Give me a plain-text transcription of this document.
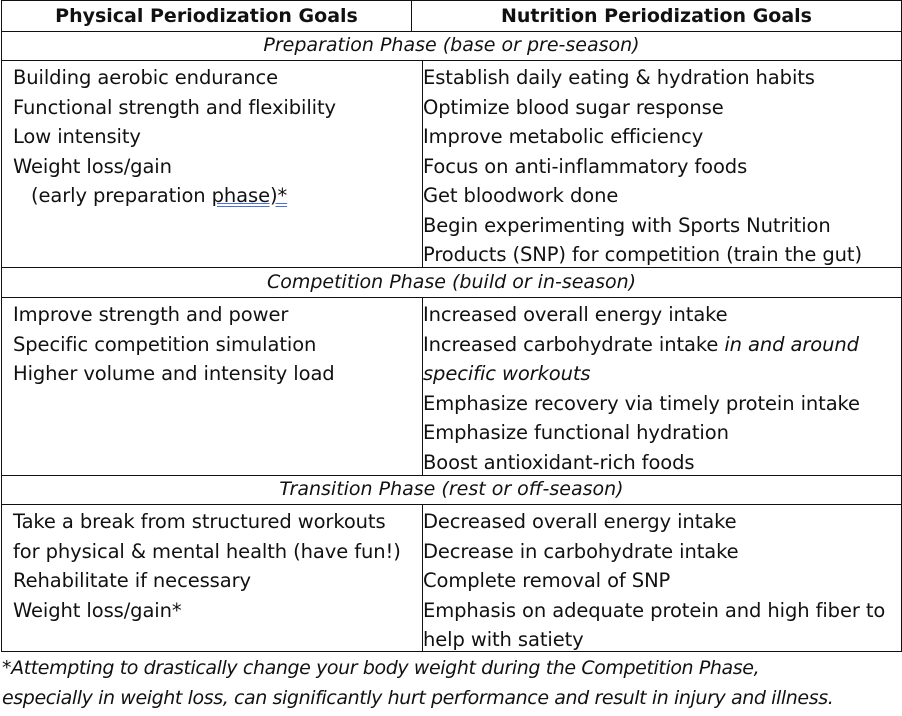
Physical Periodization Goals	Nutrition Periodization Goals
Preparation Phase (base or pre-season)
Building aerobic endurance
Functional strength and flexibility
Low intensity
Weight loss/gain
(early preparation phase)*
Establish daily eating & hydration habits
Optimize blood sugar response
Improve metabolic efficiency
Focus on anti-inflammatory foods
Get bloodwork done
Begin experimenting with Sports Nutrition
Products (SNP) for competition (train the gut)
Competition Phase (build or in-season)
Improve strength and power
Specific competition simulation
Higher volume and intensity load
Increased overall energy intake
Increased carbohydrate intake in and around
specific workouts
Emphasize recovery via timely protein intake
Emphasize functional hydration
Boost antioxidant-rich foods
Transition Phase (rest or off-season)
Take a break from structured workouts
for physical & mental health (have fun!)
Rehabilitate if necessary
Weight loss/gain*
Decreased overall energy intake
Decrease in carbohydrate intake
Complete removal of SNP
Emphasis on adequate protein and high fiber to
help with satiety
*Attempting to drastically change your body weight during the Competition Phase,
especially in weight loss, can significantly hurt performance and result in injury and illness.
